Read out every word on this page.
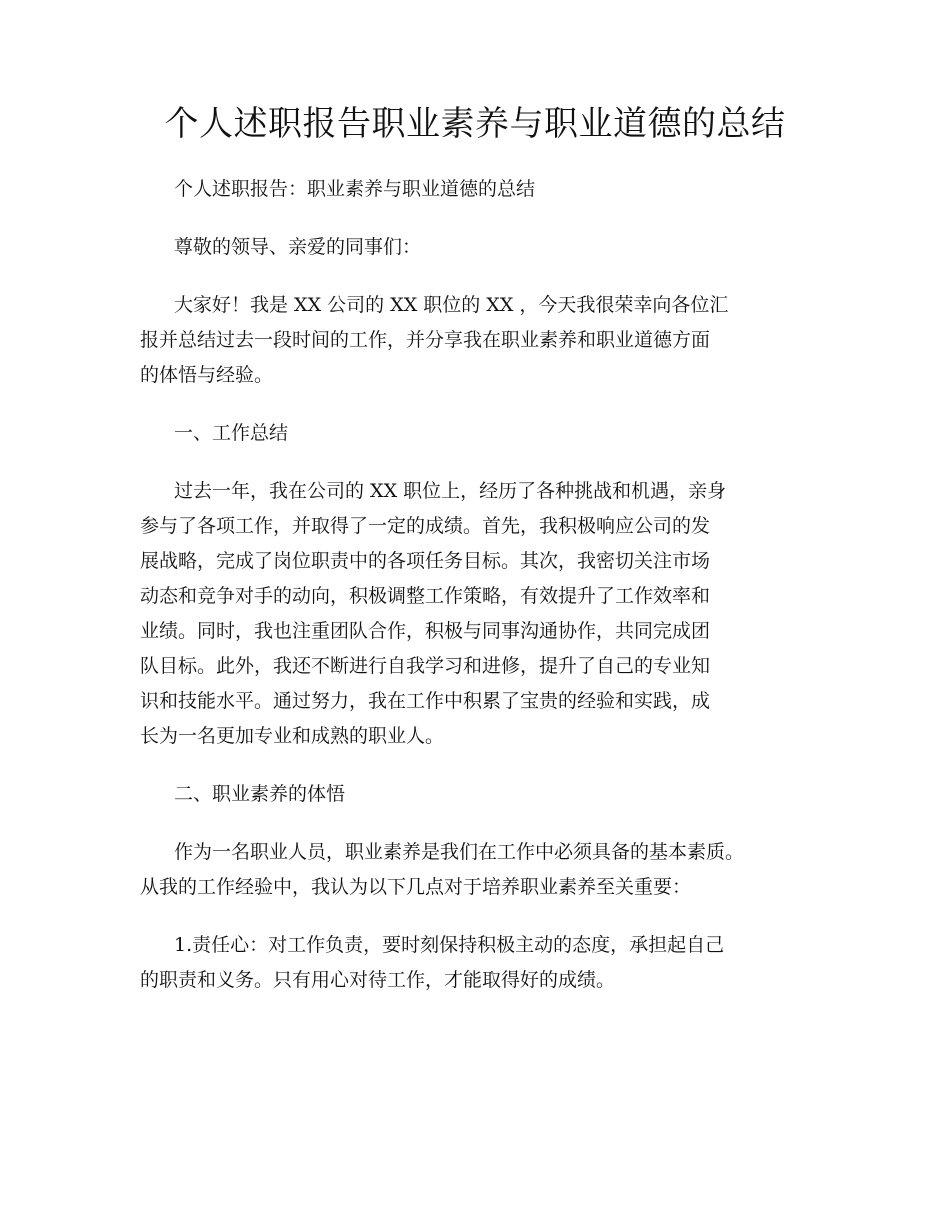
个人述职报告职业素养与职业道德的总结

个人述职报告：职业素养与职业道德的总结

尊敬的领导、亲爱的同事们：

大家好！我是 XX 公司的 XX 职位的 XX ，今天我很荣幸向各位汇
报并总结过去一段时间的工作，并分享我在职业素养和职业道德方面
的体悟与经验。

一、工作总结

过去一年，我在公司的 XX 职位上，经历了各种挑战和机遇，亲身
参与了各项工作，并取得了一定的成绩。首先，我积极响应公司的发
展战略，完成了岗位职责中的各项任务目标。其次，我密切关注市场
动态和竞争对手的动向，积极调整工作策略，有效提升了工作效率和
业绩。同时，我也注重团队合作，积极与同事沟通协作，共同完成团
队目标。此外，我还不断进行自我学习和进修，提升了自己的专业知
识和技能水平。通过努力，我在工作中积累了宝贵的经验和实践，成
长为一名更加专业和成熟的职业人。

二、职业素养的体悟

作为一名职业人员，职业素养是我们在工作中必须具备的基本素质。
从我的工作经验中，我认为以下几点对于培养职业素养至关重要：

1.责任心：对工作负责，要时刻保持积极主动的态度，承担起自己
的职责和义务。只有用心对待工作，才能取得好的成绩。
